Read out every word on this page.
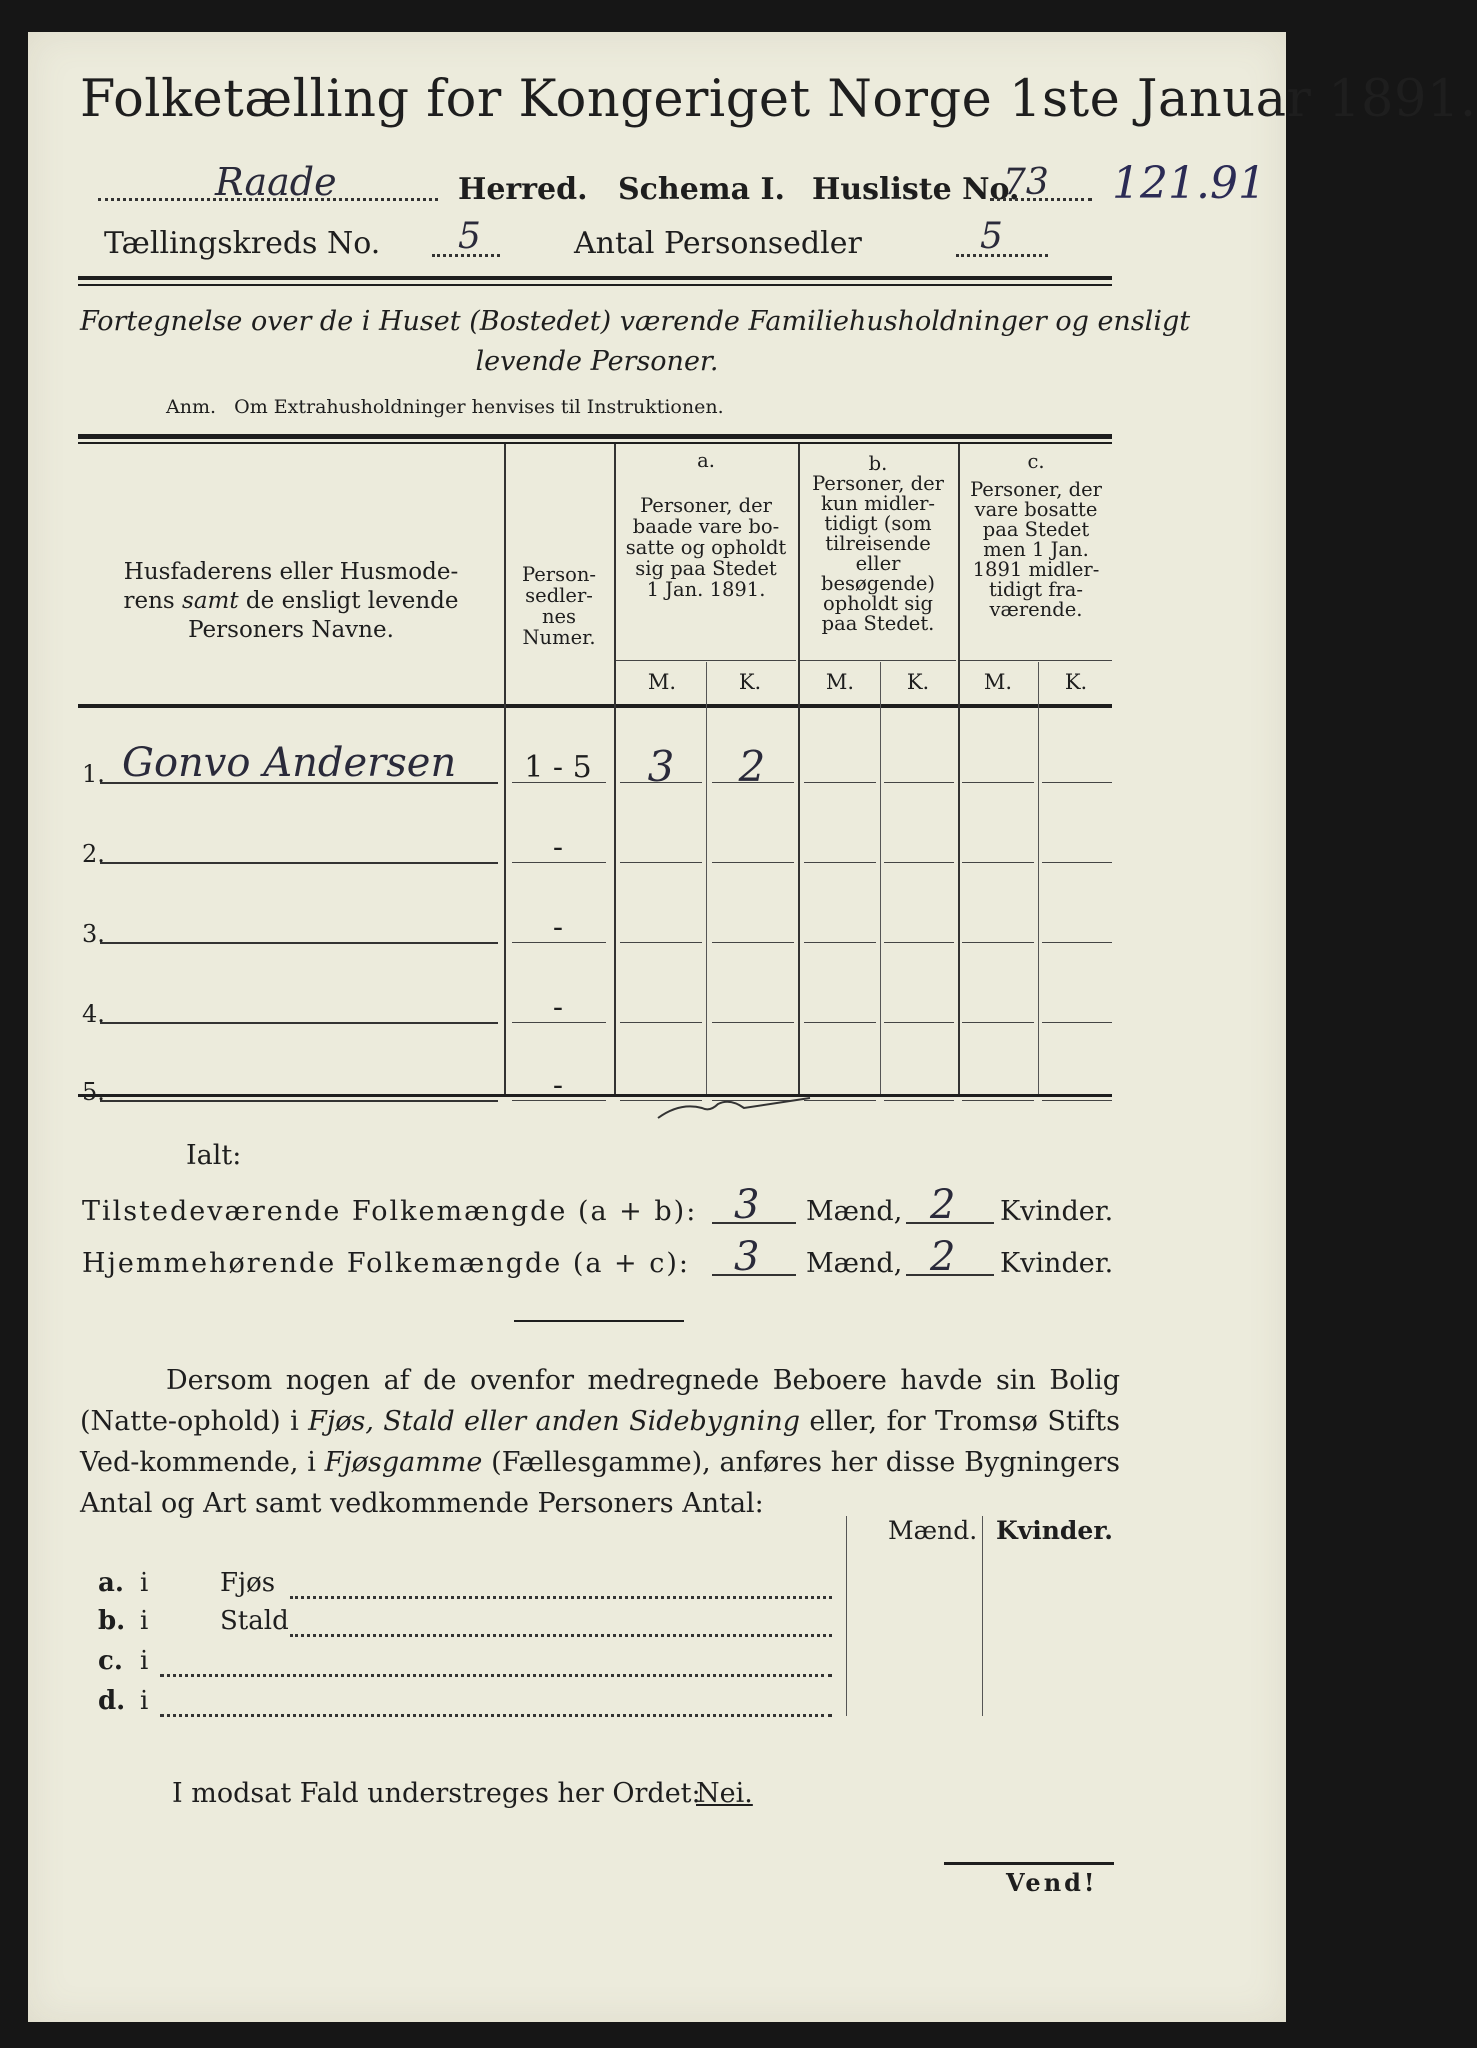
Folketælling for Kongeriget Norge 1ste Januar 1891.
Raade	Herred. Schema I. Husliste No.
73 121.91
Tællingskreds No. 5	Antal Personsedler	5
Fortegnelse over de i Huset (Bostedet) værende Familiehusholdninger og ensligt
levende Personer.
Anm.   Om Extrahusholdninger henvises til Instruktionen.
Husfaderens eller Husmode-
rens samt de ensligt levende
Personers Navne.
Person-
sedler-
nes
Numer.
a.
Personer, der
baade vare bo-
satte og opholdt
sig paa Stedet
1 Jan. 1891.
b.
Personer, der
kun midler-
tidigt (som
tilreisende
eller
besøgende)
opholdt sig
paa Stedet.
c.
Personer, der
vare bosatte
paa Stedet
men 1 Jan.
1891 midler-
tidigt fra-
værende.
M.	K.	M.	K.	M.	K.
1. Gonvo Andersen	1 - 5	3	2
2.	-
3.	-
4.	-
5.	-
Ialt:
Tilstedeværende Folkemængde (a + b): 3 Mænd, 2 Kvinder.
Hjemmehørende Folkemængde (a + c): 3 Mænd, 2 Kvinder.
Dersom nogen af de ovenfor medregnede Beboere havde sin Bolig (Natte-ophold) i Fjøs, Stald eller anden Sidebygning eller, for Tromsø Stifts Ved-kommende, i Fjøsgamme (Fællesgamme), anføres her disse Bygningers Antal og Art samt vedkommende Personers Antal:
Mænd. Kvinder.
a. i	Fjøs
b. i	Stald
c. i
d. i
I modsat Fald understreges her Ordet:
Nei.
Vend!
